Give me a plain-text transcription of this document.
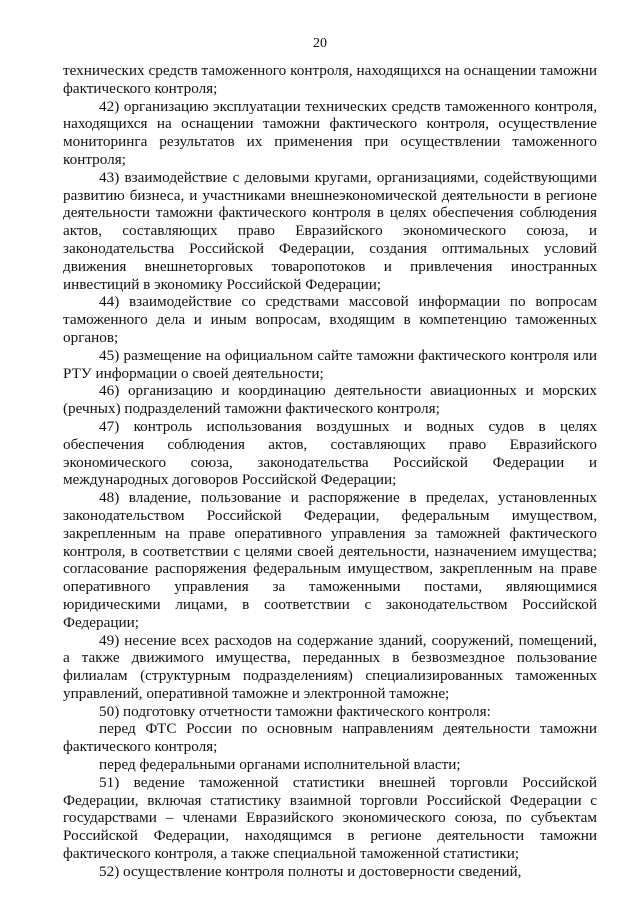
20

технических средств таможенного контроля, находящихся на оснащении таможни фактического контроля;

42) организацию эксплуатации технических средств таможенного контроля, находящихся на оснащении таможни фактического контроля, осуществление мониторинга результатов их применения при осуществлении таможенного контроля;

43) взаимодействие с деловыми кругами, организациями, содействующими развитию бизнеса, и участниками внешнеэкономической деятельности в регионе деятельности таможни фактического контроля в целях обеспечения соблюдения актов, составляющих право Евразийского экономического союза, и законодательства Российской Федерации, создания оптимальных условий движения внешнеторговых товаропотоков и привлечения иностранных инвестиций в экономику Российской Федерации;

44) взаимодействие со средствами массовой информации по вопросам таможенного дела и иным вопросам, входящим в компетенцию таможенных органов;

45) размещение на официальном сайте таможни фактического контроля или РТУ информации о своей деятельности;

46) организацию и координацию деятельности авиационных и морских (речных) подразделений таможни фактического контроля;

47) контроль использования воздушных и водных судов в целях обеспечения соблюдения актов, составляющих право Евразийского экономического союза, законодательства Российской Федерации и международных договоров Российской Федерации;

48) владение, пользование и распоряжение в пределах, установленных законодательством Российской Федерации, федеральным имуществом, закрепленным на праве оперативного управления за таможней фактического контроля, в соответствии с целями своей деятельности, назначением имущества; согласование распоряжения федеральным имуществом, закрепленным на праве оперативного управления за таможенными постами, являющимися юридическими лицами, в соответствии с законодательством Российской Федерации;

49) несение всех расходов на содержание зданий, сооружений, помещений, а также движимого имущества, переданных в безвозмездное пользование филиалам (структурным подразделениям) специализированных таможенных управлений, оперативной таможне и электронной таможне;

50) подготовку отчетности таможни фактического контроля:

перед ФТС России по основным направлениям деятельности таможни фактического контроля;

перед федеральными органами исполнительной власти;

51) ведение таможенной статистики внешней торговли Российской Федерации, включая статистику взаимной торговли Российской Федерации с государствами – членами Евразийского экономического союза, по субъектам Российской Федерации, находящимся в регионе деятельности таможни фактического контроля, а также специальной таможенной статистики;

52) осуществление контроля полноты и достоверности сведений,
